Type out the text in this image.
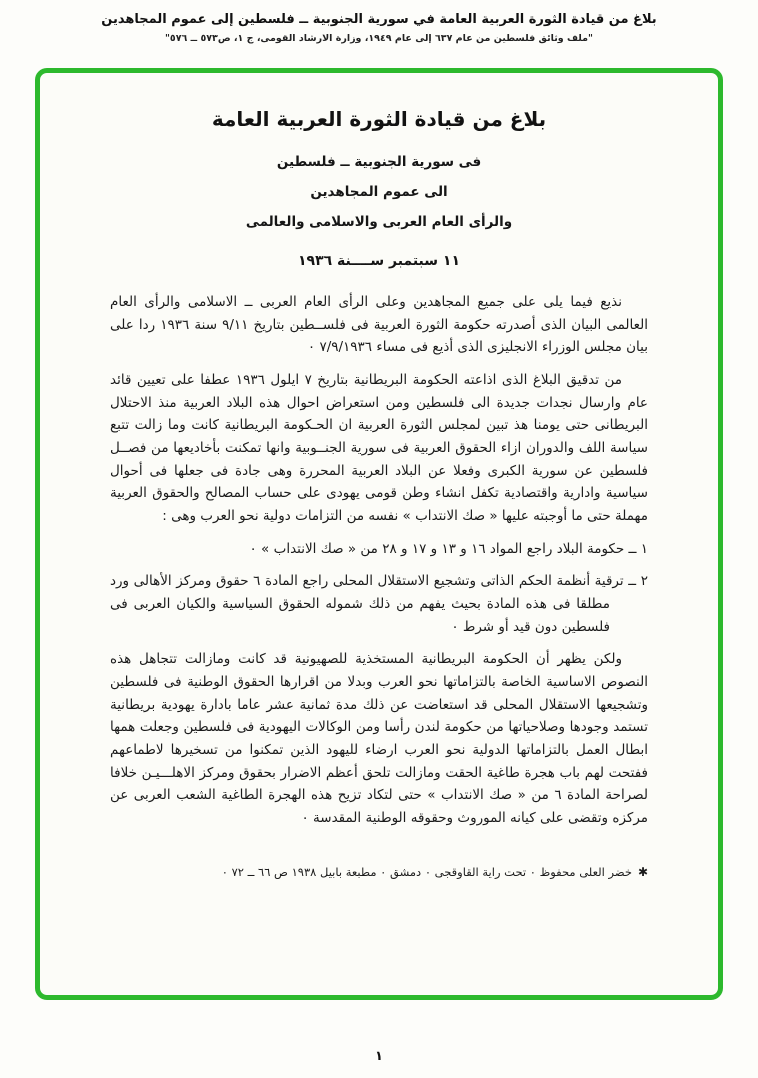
بلاغ من قيادة الثورة العربية العامة في سورية الجنوبية ــ فلسطين إلى عموم المجاهدين
"ملف وثائق فلسطين من عام ٦٣٧ إلى عام ١٩٤٩، وزارة الارشاد القومى، ج ١، ص٥٧٣ ــ ٥٧٦"
بلاغ من قيادة الثورة العربية العامة
فى سورية الجنوبية ــ فلسطين
الى عموم المجاهدين
والرأى العام العربى والاسلامى والعالمى
١١ سبتمبر ســــنة ١٩٣٦

نذيع فيما يلى على جميع المجاهدين وعلى الرأى العام العربى ــ الاسلامى والرأى العام العالمى البيان الذى أصدرته حكومة الثورة العربية فى فلســطين بتاريخ ٩/١١ سنة ١٩٣٦ ردا على بيان مجلس الوزراء الانجليزى الذى أذيع فى مساء ٧/٩/١٩٣٦ ٠

من تدقيق البلاغ الذى اذاعته الحكومة البريطانية بتاريخ ٧ ايلول ١٩٣٦ عطفا على تعيين قائد عام وارسال نجدات جديدة الى فلسطين ومن استعراض احوال هذه البلاد العربية منذ الاحتلال البريطانى حتى يومنا هذ تبين لمجلس الثورة العربية ان الحـكومة البريطانية كانت وما زالت تتبع سياسة اللف والدوران ازاء الحقوق العربية فى سورية الجنــوبية وانها تمكنت بأخاديعها من فصــل فلسطين عن سورية الكبرى وفعلا عن البلاد العربية المحررة وهى جادة فى جعلها فى أحوال سياسية وادارية واقتصادية تكفل انشاء وطن قومى يهودى على حساب المصالح والحقوق العربية مهملة حتى ما أوجبته عليها « صك الانتداب » نفسه من التزامات دولية نحو العرب وهى :

١ ــ حكومة البلاد راجع المواد ١٦ و ١٣ و ١٧ و ٢٨ من « صك الانتداب » ٠
٢ ــ ترقية أنظمة الحكم الذاتى وتشجيع الاستقلال المحلى راجع المادة ٦ حقوق ومركز الأهالى ورد مطلقا فى هذه المادة بحيث يفهم من ذلك شموله الحقوق السياسية والكيان العربى فى فلسطين دون قيد أو شرط ٠

ولكن يظهر أن الحكومة البريطانية المستخذية للصهيونية قد كانت ومازالت تتجاهل هذه النصوص الاساسية الخاصة بالتزاماتها نحو العرب وبدلا من اقرارها الحقوق الوطنية فى فلسطين وتشجيعها الاستقلال المحلى قد استعاضت عن ذلك مدة ثمانية عشر عاما بادارة يهودية بريطانية تستمد وجودها وصلاحياتها من حكومة لندن رأسا ومن الوكالات اليهودية فى فلسطين وجعلت همها ابطال العمل بالتزاماتها الدولية نحو العرب ارضاء لليهود الذين تمكنوا من تسخيرها لاطماعهم ففتحت لهم باب هجرة طاغية الحقت ومازالت تلحق أعظم الاضرار بحقوق ومركز الاهلـــيـن خلافا لصراحة المادة ٦ من « صك الانتداب » حتى لتكاد تزيح هذه الهجرة الطاغية الشعب العربى عن مركزه وتقضى على كيانه الموروث وحقوقه الوطنية المقدسة ٠

✱خضر العلى محفوظ ٠ تحت راية القاوقجى ٠ دمشق ٠ مطبعة بابيل ١٩٣٨ ص ٦٦ ــ ٧٢ ٠
١
